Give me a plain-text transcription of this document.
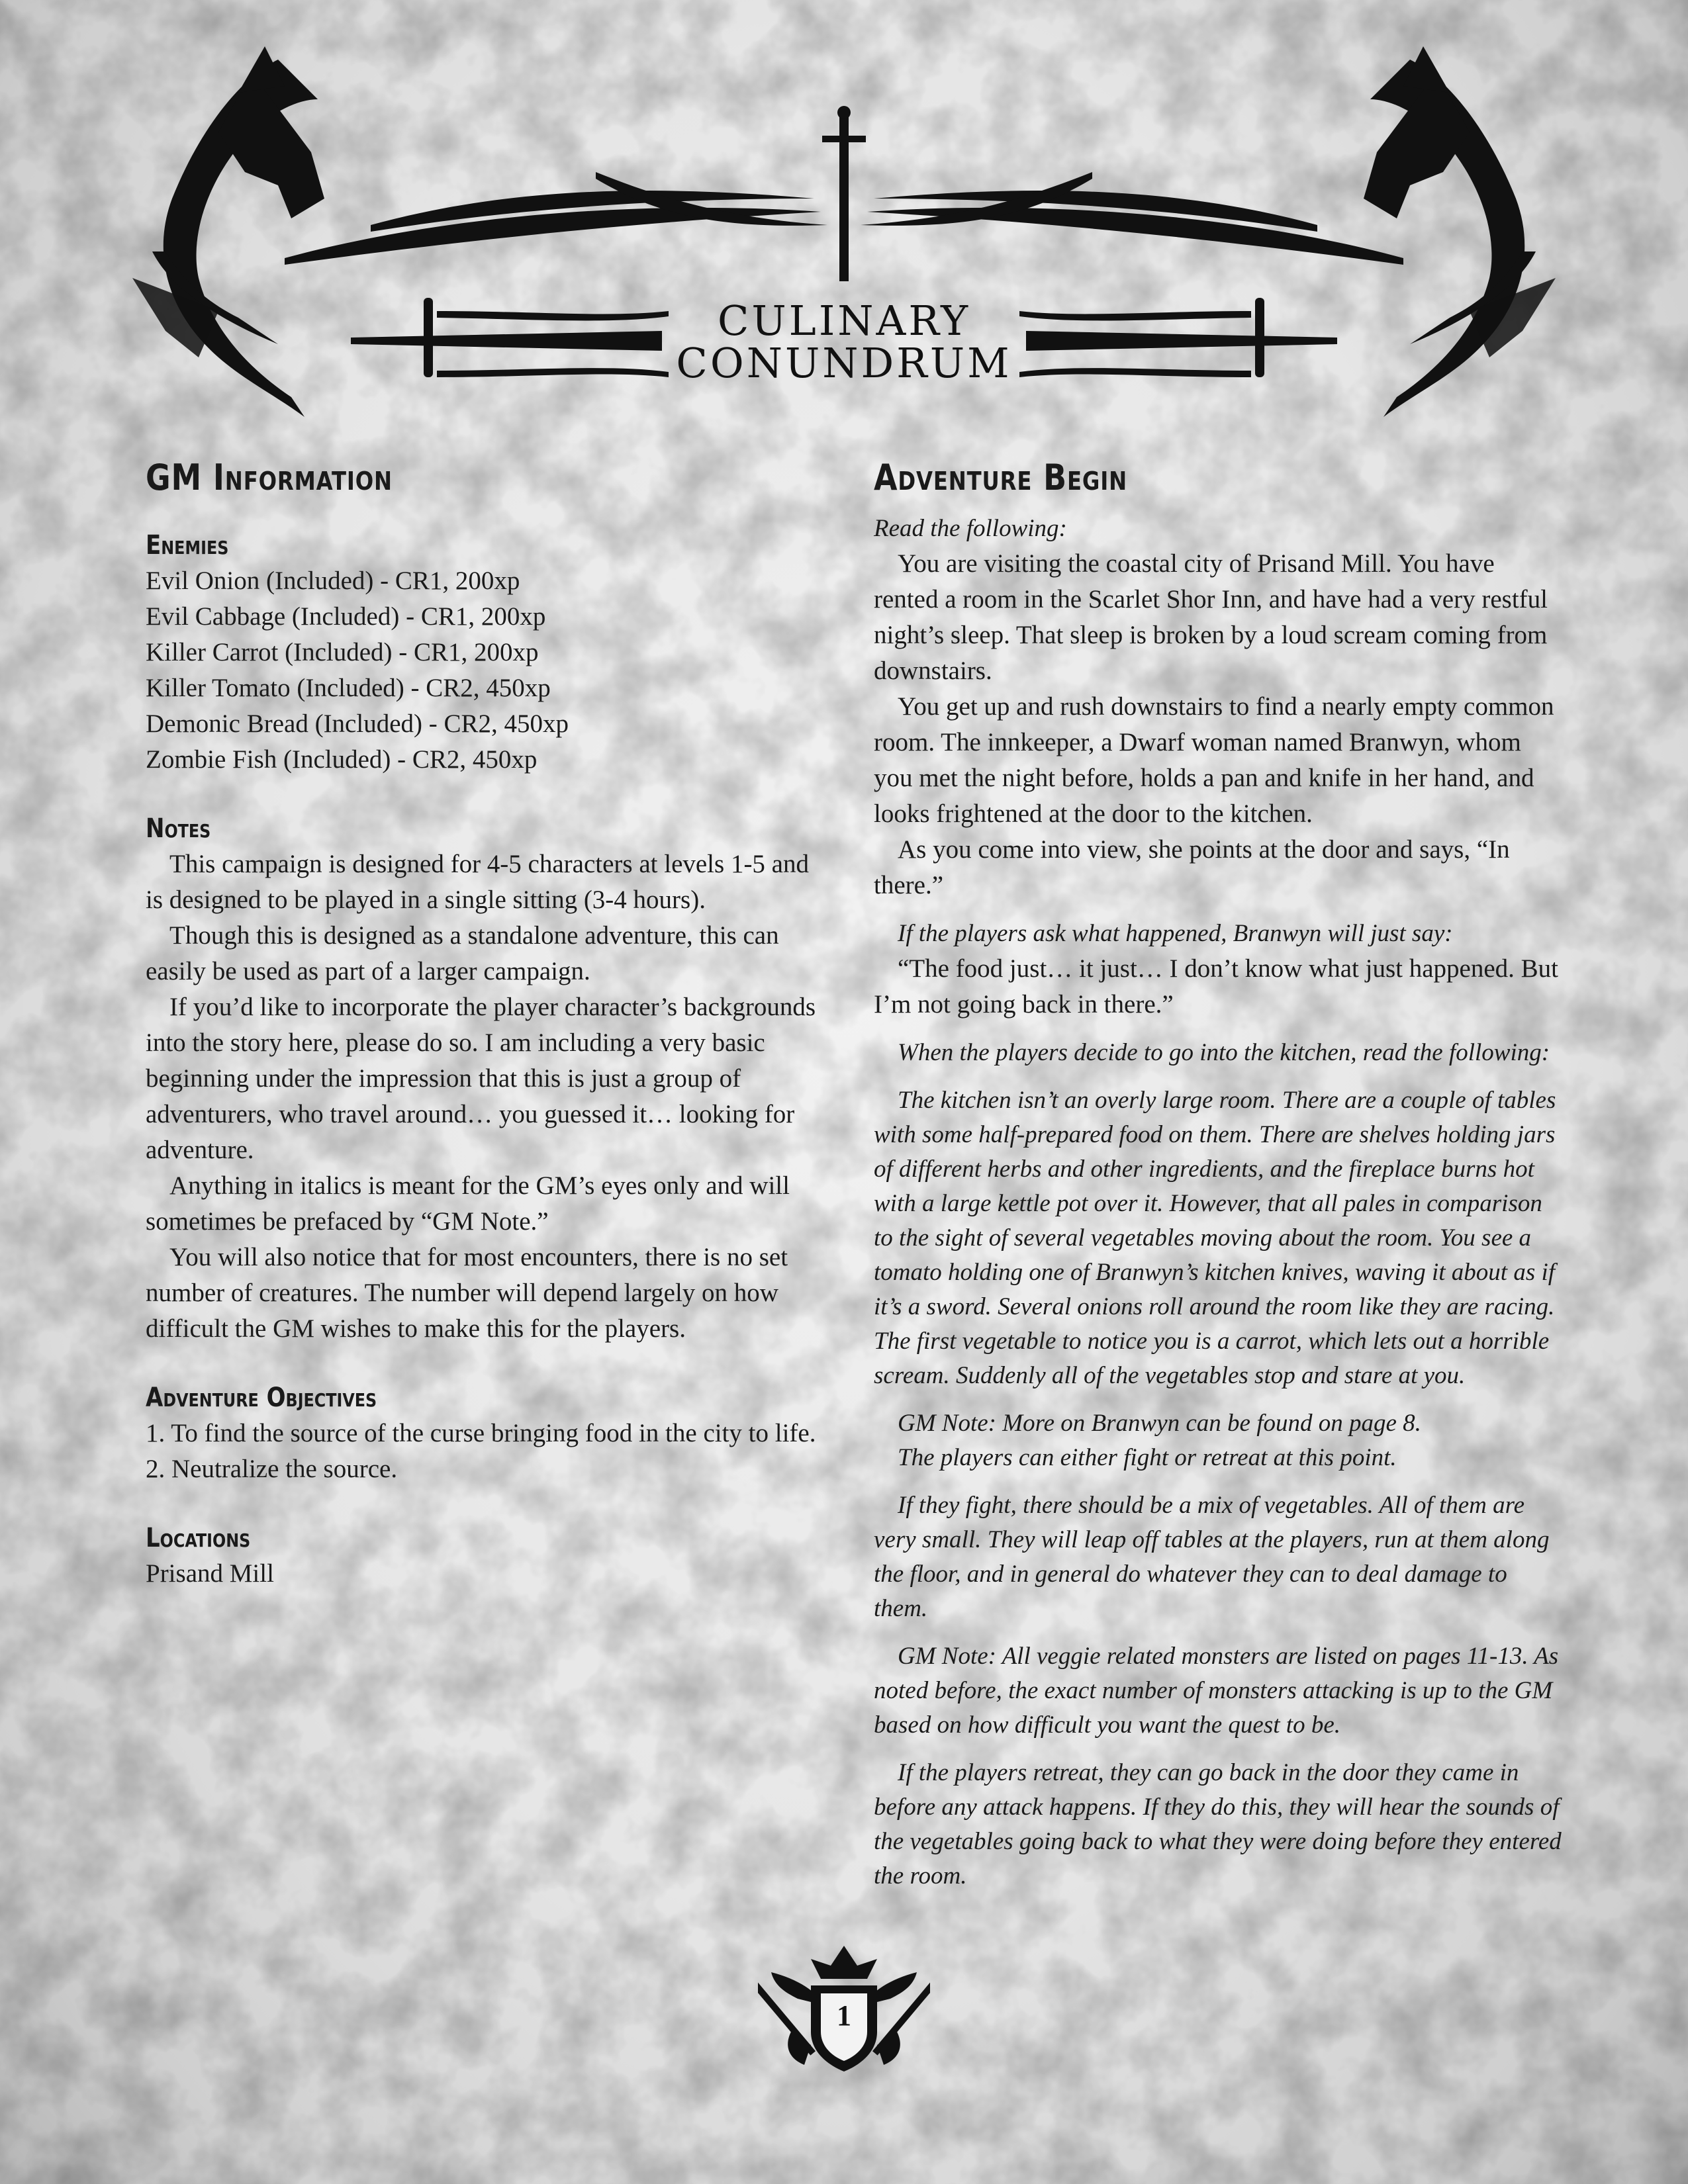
CULINARY
CONUNDRUM
GM Information
Enemies
Evil Onion (Included) - CR1, 200xp
Evil Cabbage (Included) - CR1, 200xp
Killer Carrot (Included) - CR1, 200xp
Killer Tomato (Included) - CR2, 450xp
Demonic Bread (Included) - CR2, 450xp
Zombie Fish (Included) - CR2, 450xp
Notes

This campaign is designed for 4-5 characters at levels 1-5 and is designed to be played in a single sitting (3-4 hours).

Though this is designed as a standalone adventure, this can easily be used as part of a larger campaign.

If you’d like to incorporate the player character’s backgrounds into the story here, please do so. I am including a very basic beginning under the impression that this is just a group of adventurers, who travel around… you guessed it… looking for adventure.

Anything in italics is meant for the GM’s eyes only and will sometimes be prefaced by “GM Note.”

You will also notice that for most encounters, there is no set number of creatures. The number will depend largely on how difficult the GM wishes to make this for the players.

Adventure Objectives
1. To find the source of the curse bringing food in the city to life.
2. Neutralize the source.
Locations
Prisand Mill
Adventure Begin

Read the following:

You are visiting the coastal city of Prisand Mill. You have rented a room in the Scarlet Shor Inn, and have had a very restful night’s sleep. That sleep is broken by a loud scream coming from downstairs.

You get up and rush downstairs to find a nearly empty common room. The innkeeper, a Dwarf woman named Branwyn, whom you met the night before, holds a pan and knife in her hand, and looks frightened at the door to the kitchen.

As you come into view, she points at the door and says, “In there.”

If the players ask what happened, Branwyn will just say:

“The food just… it just… I don’t know what just happened. But I’m not going back in there.”

When the players decide to go into the kitchen, read the following:

The kitchen isn’t an overly large room. There are a couple of tables with some half-prepared food on them. There are shelves holding jars of different herbs and other ingredients, and the fireplace burns hot with a large kettle pot over it. However, that all pales in comparison to the sight of several vegetables moving about the room. You see a tomato holding one of Branwyn’s kitchen knives, waving it about as if it’s a sword. Several onions roll around the room like they are racing. The first vegetable to notice you is a carrot, which lets out a horrible scream. Suddenly all of the vegetables stop and stare at you.

GM Note: More on Branwyn can be found on page 8.

The players can either fight or retreat at this point.

If they fight, there should be a mix of vegetables. All of them are very small. They will leap off tables at the players, run at them along the floor, and in general do whatever they can to deal damage to them.

GM Note: All veggie related monsters are listed on pages 11-13. As noted before, the exact number of monsters attacking is up to the GM based on how difficult you want the quest to be.

If the players retreat, they can go back in the door they came in before any attack happens. If they do this, they will hear the sounds of the vegetables going back to what they were doing before they entered the room.

1
